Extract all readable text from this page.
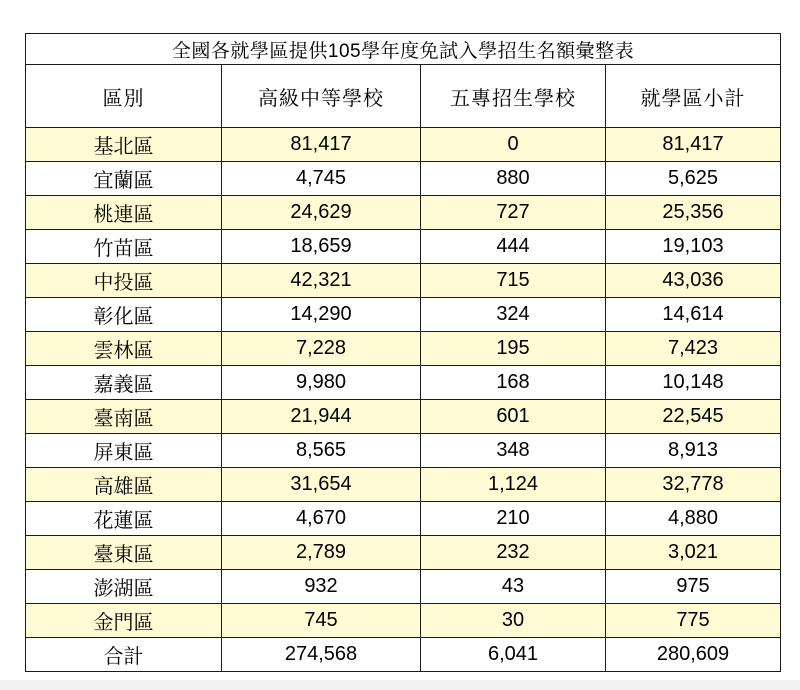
全國各就學區提供105學年度免試入學招生名額彙整表			
區別	高級中等學校	五專招生學校	就學區小計
基北區	81,417	0	81,417
宜蘭區	4,745	880	5,625
桃連區	24,629	727	25,356
竹苗區	18,659	444	19,103
中投區	42,321	715	43,036
彰化區	14,290	324	14,614
雲林區	7,228	195	7,423
嘉義區	9,980	168	10,148
臺南區	21,944	601	22,545
屏東區	8,565	348	8,913
高雄區	31,654	1,124	32,778
花蓮區	4,670	210	4,880
臺東區	2,789	232	3,021
澎湖區	932	43	975
金門區	745	30	775
合計	274,568	6,041	280,609
